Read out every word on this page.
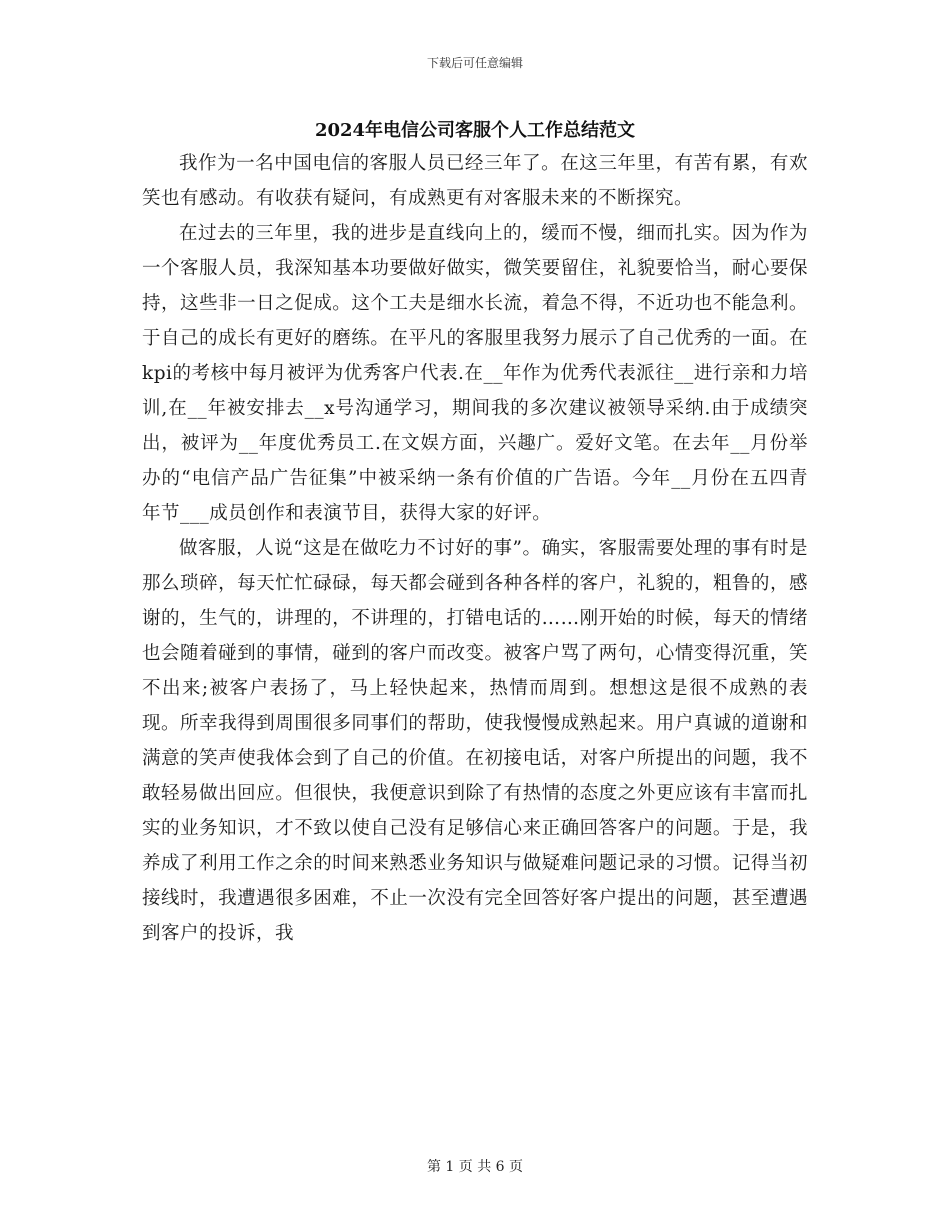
下载后可任意编辑
2024年电信公司客服个人工作总结范文

我作为一名中国电信的客服人员已经三年了。在这三年里，有苦有累，有欢笑也有感动。有收获有疑问，有成熟更有对客服未来的不断探究。

在过去的三年里，我的进步是直线向上的，缓而不慢，细而扎实。因为作为一个客服人员，我深知基本功要做好做实，微笑要留住，礼貌要恰当，耐心要保持，这些非一日之促成。这个工夫是细水长流，着急不得，不近功也不能急利。于自己的成长有更好的磨练。在平凡的客服里我努力展示了自己优秀的一面。在kpi的考核中每月被评为优秀客户代表.在__年作为优秀代表派往__进行亲和力培训,在__年被安排去__x号沟通学习，期间我的多次建议被领导采纳.由于成绩突出，被评为__年度优秀员工.在文娱方面，兴趣广。爱好文笔。在去年__月份举办的“电信产品广告征集”中被采纳一条有价值的广告语。今年__月份在五四青年节___成员创作和表演节目，获得大家的好评。

做客服，人说“这是在做吃力不讨好的事”。确实，客服需要处理的事有时是那么琐碎，每天忙忙碌碌，每天都会碰到各种各样的客户，礼貌的，粗鲁的，感谢的，生气的，讲理的，不讲理的，打错电话的……刚开始的时候，每天的情绪也会随着碰到的事情，碰到的客户而改变。被客户骂了两句，心情变得沉重，笑不出来;被客户表扬了，马上轻快起来，热情而周到。想想这是很不成熟的表现。所幸我得到周围很多同事们的帮助，使我慢慢成熟起来。用户真诚的道谢和满意的笑声使我体会到了自己的价值。在初接电话，对客户所提出的问题，我不敢轻易做出回应。但很快，我便意识到除了有热情的态度之外更应该有丰富而扎实的业务知识，才不致以使自己没有足够信心来正确回答客户的问题。于是，我养成了利用工作之余的时间来熟悉业务知识与做疑难问题记录的习惯。记得当初接线时，我遭遇很多困难，不止一次没有完全回答好客户提出的问题，甚至遭遇到客户的投诉，我

第 1 页 共 6 页
